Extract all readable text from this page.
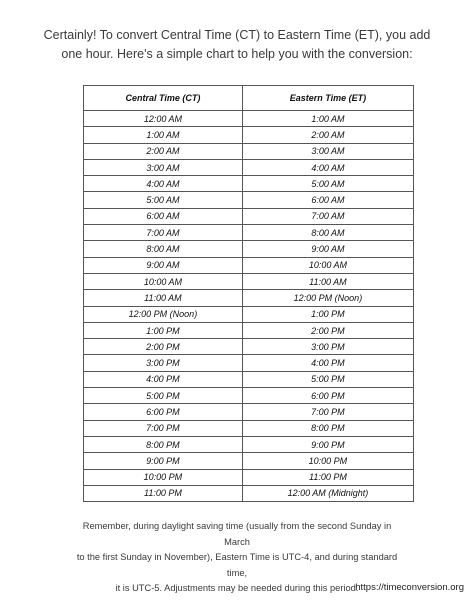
Certainly! To convert Central Time (CT) to Eastern Time (ET), you add
one hour. Here's a simple chart to help you with the conversion:
Central Time (CT)	Eastern Time (ET)
12:00 AM	1:00 AM
1:00 AM	2:00 AM
2:00 AM	3:00 AM
3:00 AM	4:00 AM
4:00 AM	5:00 AM
5:00 AM	6:00 AM
6:00 AM	7:00 AM
7:00 AM	8:00 AM
8:00 AM	9:00 AM
9:00 AM	10:00 AM
10:00 AM	11:00 AM
11:00 AM	12:00 PM (Noon)
12:00 PM (Noon)	1:00 PM
1:00 PM	2:00 PM
2:00 PM	3:00 PM
3:00 PM	4:00 PM
4:00 PM	5:00 PM
5:00 PM	6:00 PM
6:00 PM	7:00 PM
7:00 PM	8:00 PM
8:00 PM	9:00 PM
9:00 PM	10:00 PM
10:00 PM	11:00 PM
11:00 PM	12:00 AM (Midnight)
Remember, during daylight saving time (usually from the second Sunday in March
to the first Sunday in November), Eastern Time is UTC-4, and during standard time,
it is UTC-5. Adjustments may be needed during this period.
https://timeconversion.org
